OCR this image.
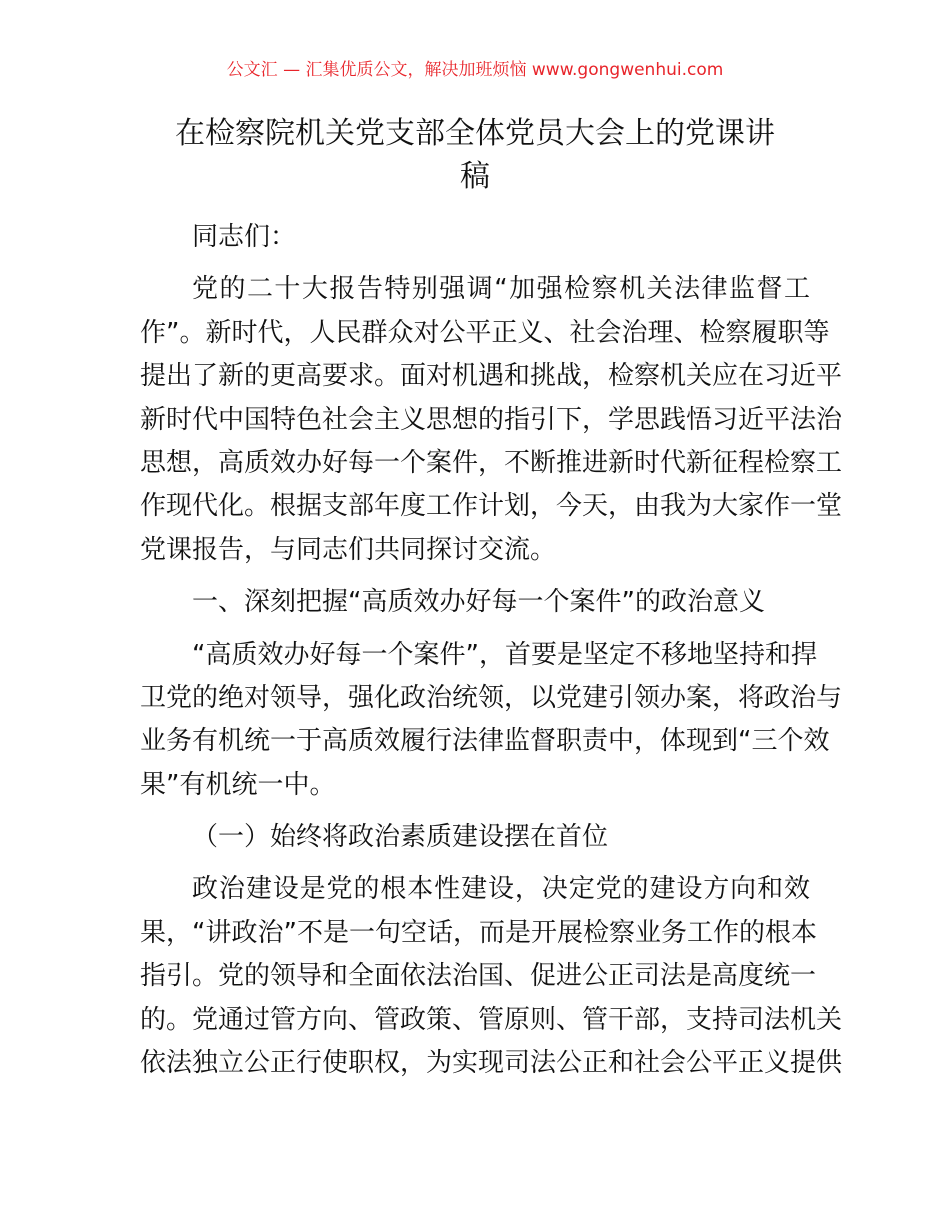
公文汇 — 汇集优质公文，解决加班烦恼 www.gongwenhui.com
在检察院机关党支部全体党员大会上的党课讲
稿
同志们：
党的二十大报告特别强调“加强检察机关法律监督工
作”。新时代，人民群众对公平正义、社会治理、检察履职等
提出了新的更高要求。面对机遇和挑战，检察机关应在习近平
新时代中国特色社会主义思想的指引下，学思践悟习近平法治
思想，高质效办好每一个案件，不断推进新时代新征程检察工
作现代化。根据支部年度工作计划，今天，由我为大家作一堂
党课报告，与同志们共同探讨交流。
一、深刻把握“高质效办好每一个案件”的政治意义
“高质效办好每一个案件”，首要是坚定不移地坚持和捍
卫党的绝对领导，强化政治统领，以党建引领办案，将政治与
业务有机统一于高质效履行法律监督职责中，体现到“三个效
果”有机统一中。
（一）始终将政治素质建设摆在首位
政治建设是党的根本性建设，决定党的建设方向和效
果，“讲政治”不是一句空话，而是开展检察业务工作的根本
指引。党的领导和全面依法治国、促进公正司法是高度统一
的。党通过管方向、管政策、管原则、管干部，支持司法机关
依法独立公正行使职权，为实现司法公正和社会公平正义提供
